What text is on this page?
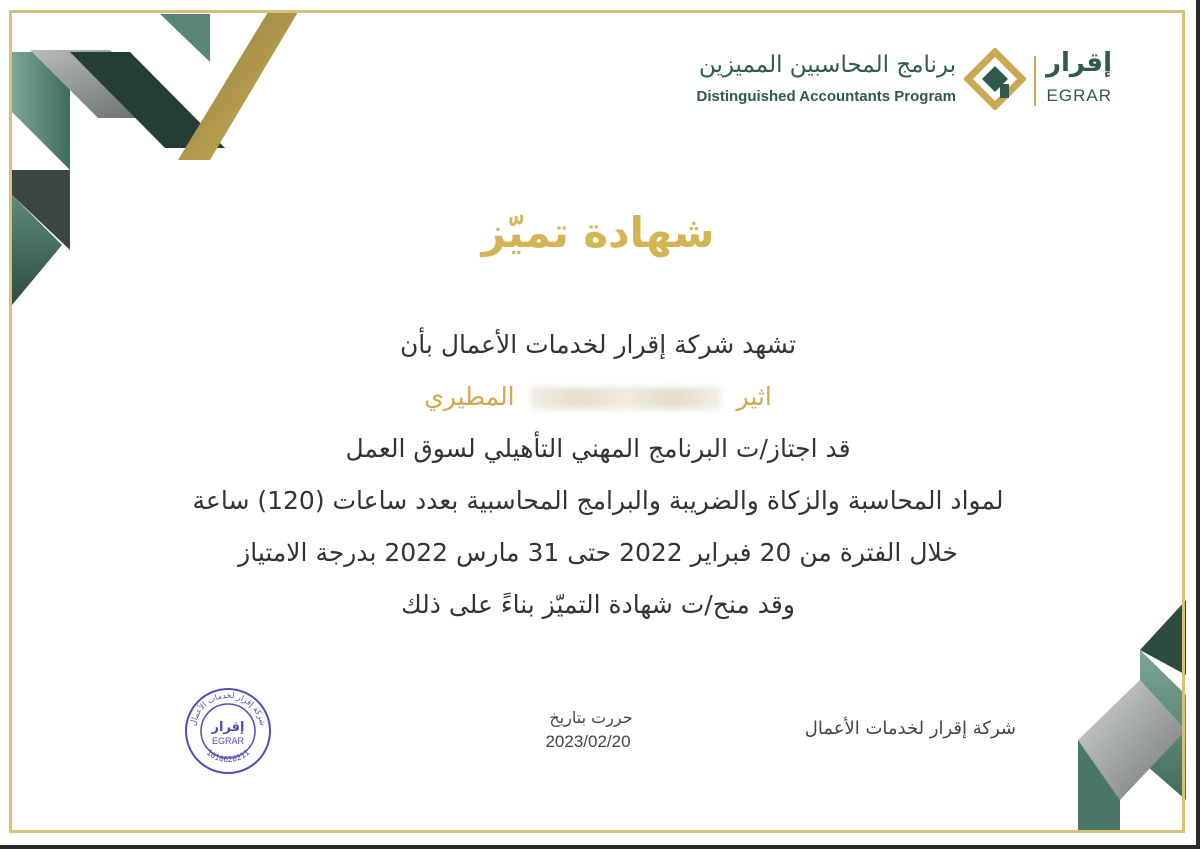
برنامج المحاسبين المميزين
Distinguished Accountants Program
إقرار
EGRAR
شهادة تميّز
تشهد شركة إقرار لخدمات الأعمال بأن
اثير  المطيري
قد اجتاز/ت البرنامج المهني التأهيلي لسوق العمل
لمواد المحاسبة والزكاة والضريبة والبرامج المحاسبية بعدد ساعات (120) ساعة
خلال الفترة من 20 فبراير 2022 حتى 31 مارس 2022 بدرجة الامتياز
وقد منح/ت شهادة التميّز بناءً على ذلك
شركة إقرار لخدمات الأعمال
حررت بتاريخ
2023/02/20
شركة إقرار لخدمات الأعمال
1010628211
إقرار
EGRAR
